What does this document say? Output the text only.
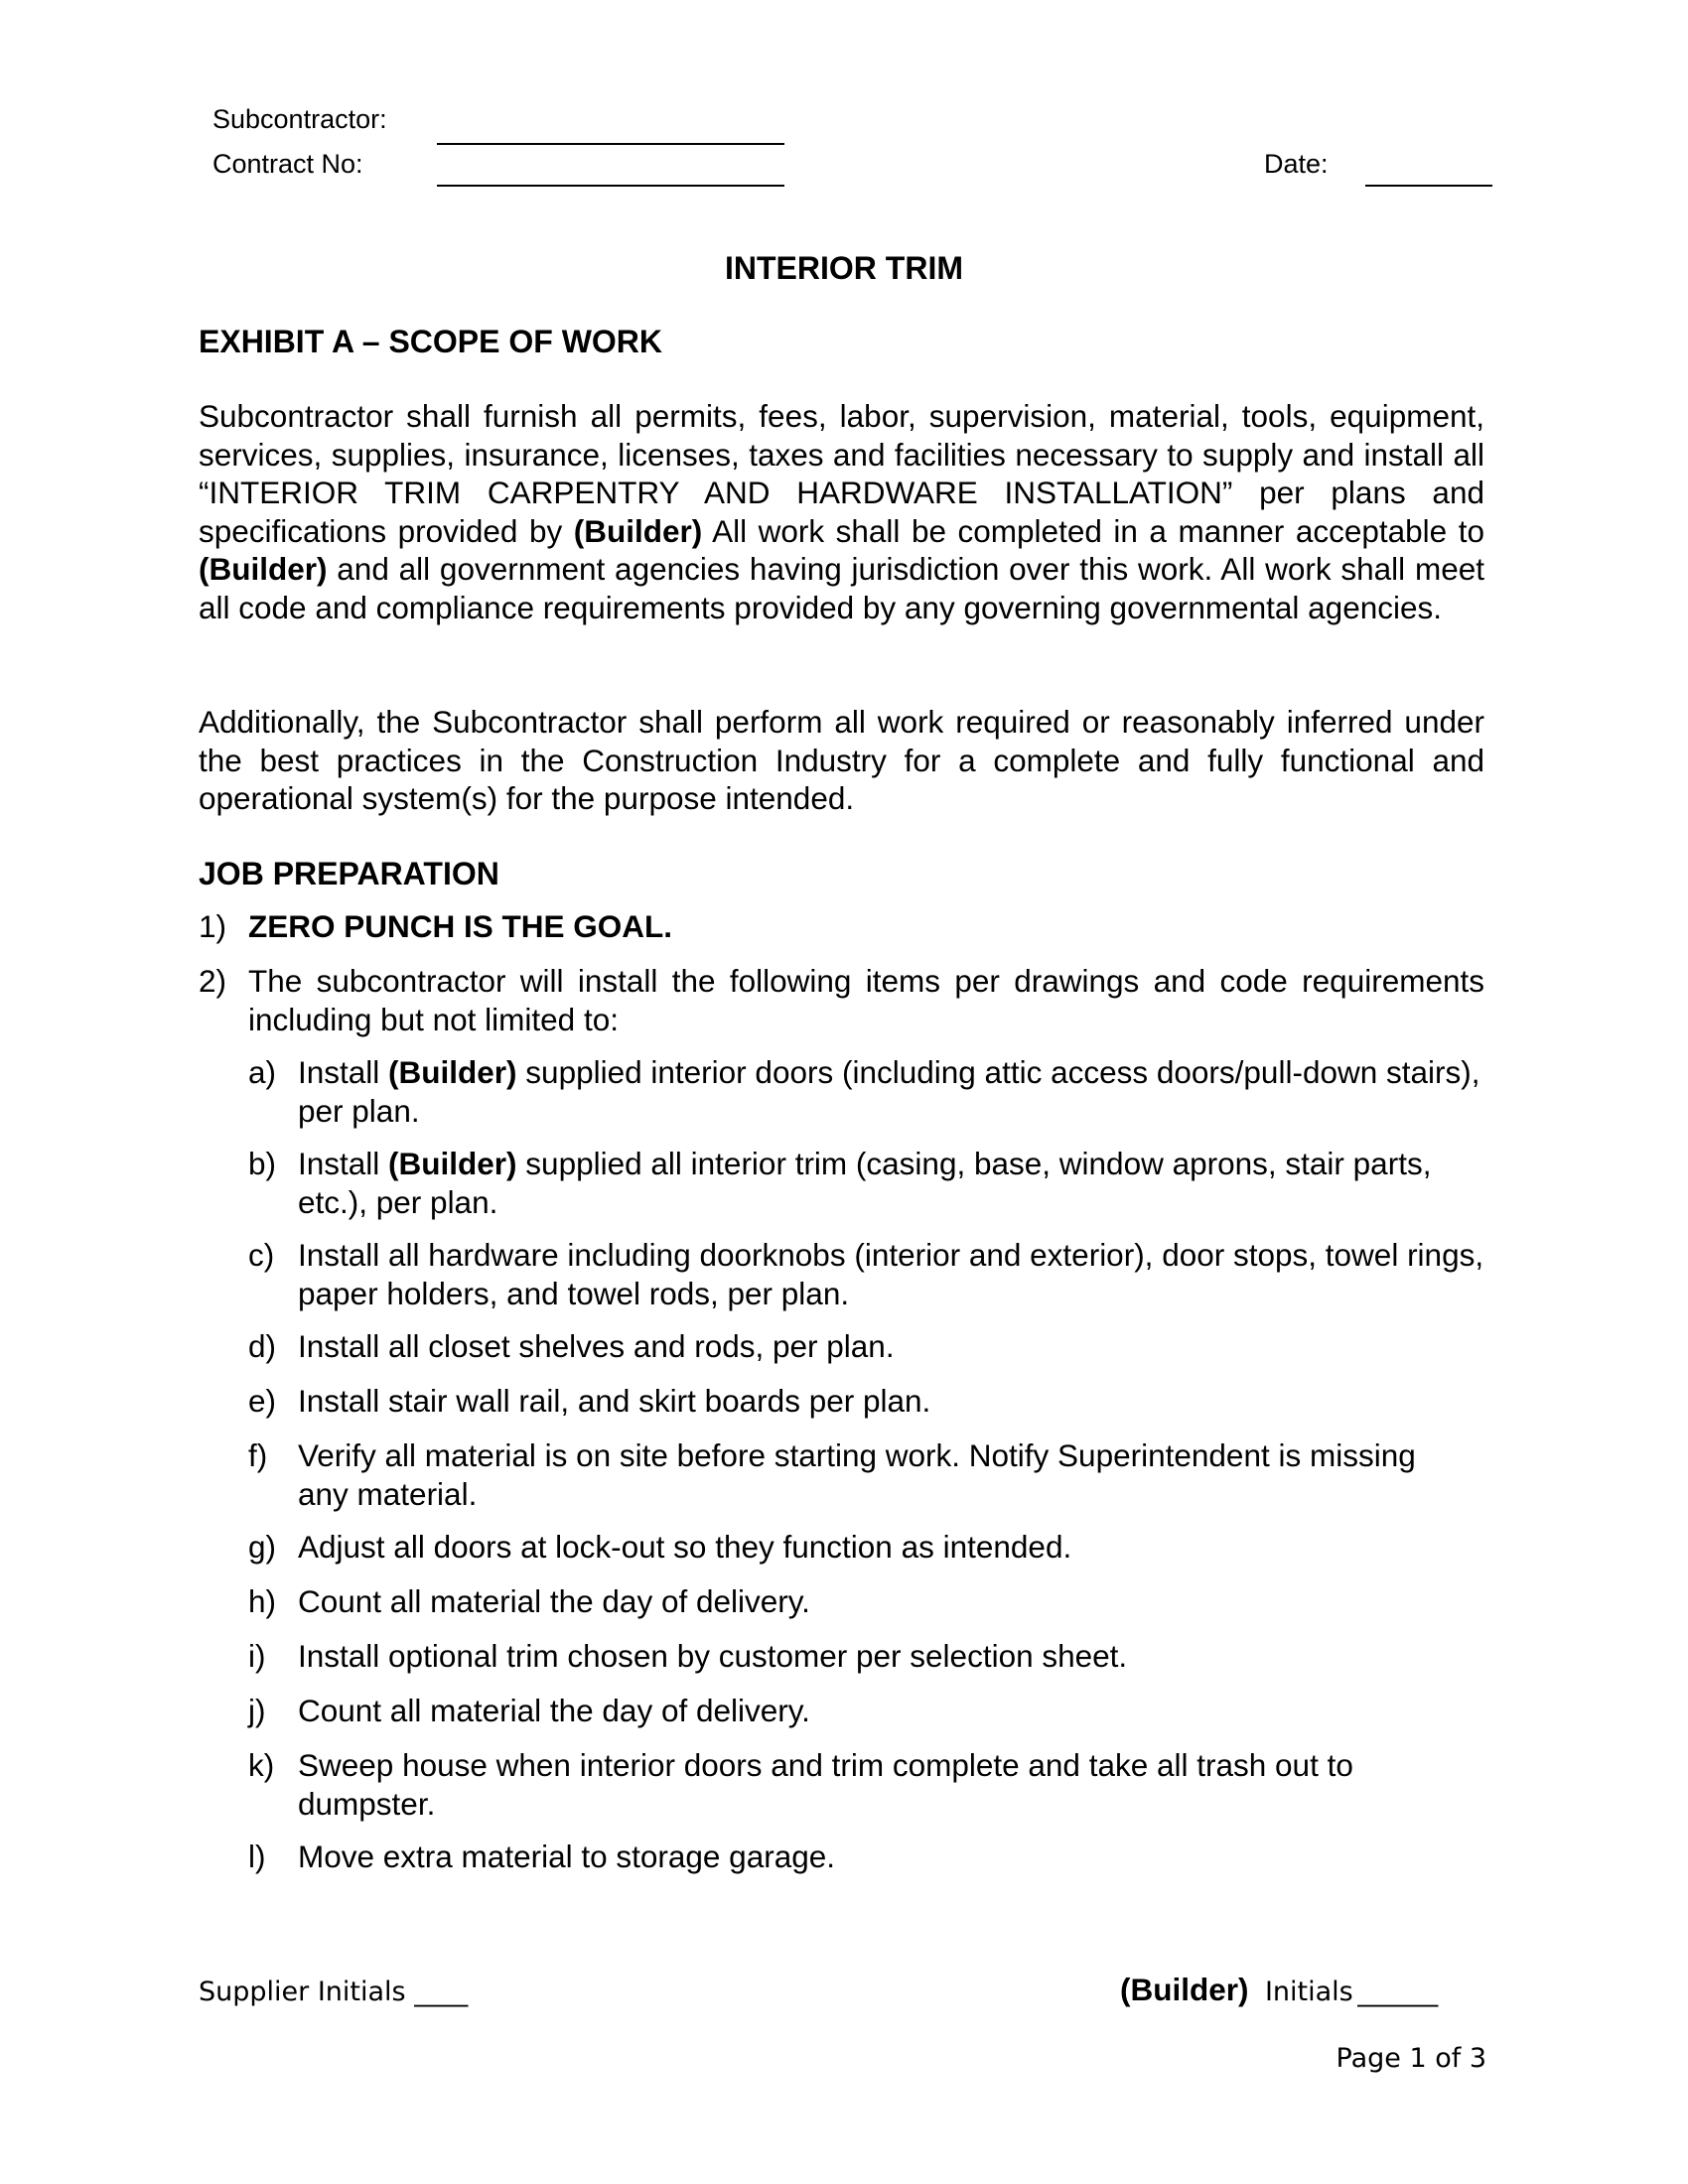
Subcontractor:
Contract No:	Date:
INTERIOR TRIM
EXHIBIT A – SCOPE OF WORK
Subcontractor shall furnish all permits, fees, labor, supervision, material, tools, equipment, services, supplies, insurance, licenses, taxes and facilities necessary to supply and install all “INTERIOR TRIM CARPENTRY AND HARDWARE INSTALLATION” per plans and specifications provided by (Builder) All work shall be completed in a manner acceptable to (Builder) and all government agencies having jurisdiction over this work. All work shall meet all code and compliance requirements provided by any governing governmental agencies.
Additionally, the Subcontractor shall perform all work required or reasonably inferred under the best practices in the Construction Industry for a complete and fully functional and operational system(s) for the purpose intended.
JOB PREPARATION
1) ZERO PUNCH IS THE GOAL.
2) The subcontractor will install the following items per drawings and code requirements including but not limited to:
a) Install (Builder) supplied interior doors (including attic access doors/pull-down stairs), per plan.
b) Install (Builder) supplied all interior trim (casing, base, window aprons, stair parts, etc.), per plan.
c) Install all hardware including doorknobs (interior and exterior), door stops, towel rings, paper holders, and towel rods, per plan.
d) Install all closet shelves and rods, per plan.
e) Install stair wall rail, and skirt boards per plan.
f) Verify all material is on site before starting work. Notify Superintendent is missing any material.
g) Adjust all doors at lock-out so they function as intended.
h) Count all material the day of delivery.
i) Install optional trim chosen by customer per selection sheet.
j) Count all material the day of delivery.
k) Sweep house when interior doors and trim complete and take all trash out to dumpster.
l) Move extra material to storage garage.
Supplier Initials ____	(Builder) Initials ______
Page 1 of 3
